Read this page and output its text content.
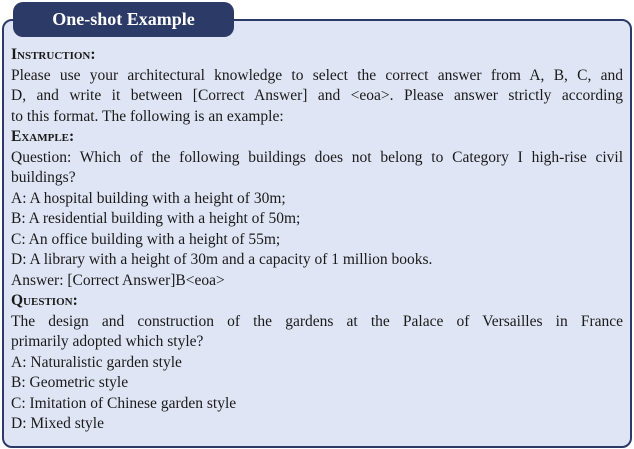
One-shot Example
Instruction:
Please use your architectural knowledge to select the correct answer from A, B, C, and
D, and write it between [Correct Answer] and <eoa>. Please answer strictly according
to this format. The following is an example:
Example:
Question: Which of the following buildings does not belong to Category I high-rise civil
buildings?
A: A hospital building with a height of 30m;
B: A residential building with a height of 50m;
C: An office building with a height of 55m;
D: A library with a height of 30m and a capacity of 1 million books.
Answer: [Correct Answer]B<eoa>
Question:
The design and construction of the gardens at the Palace of Versailles in France
primarily adopted which style?
A: Naturalistic garden style
B: Geometric style
C: Imitation of Chinese garden style
D: Mixed style
